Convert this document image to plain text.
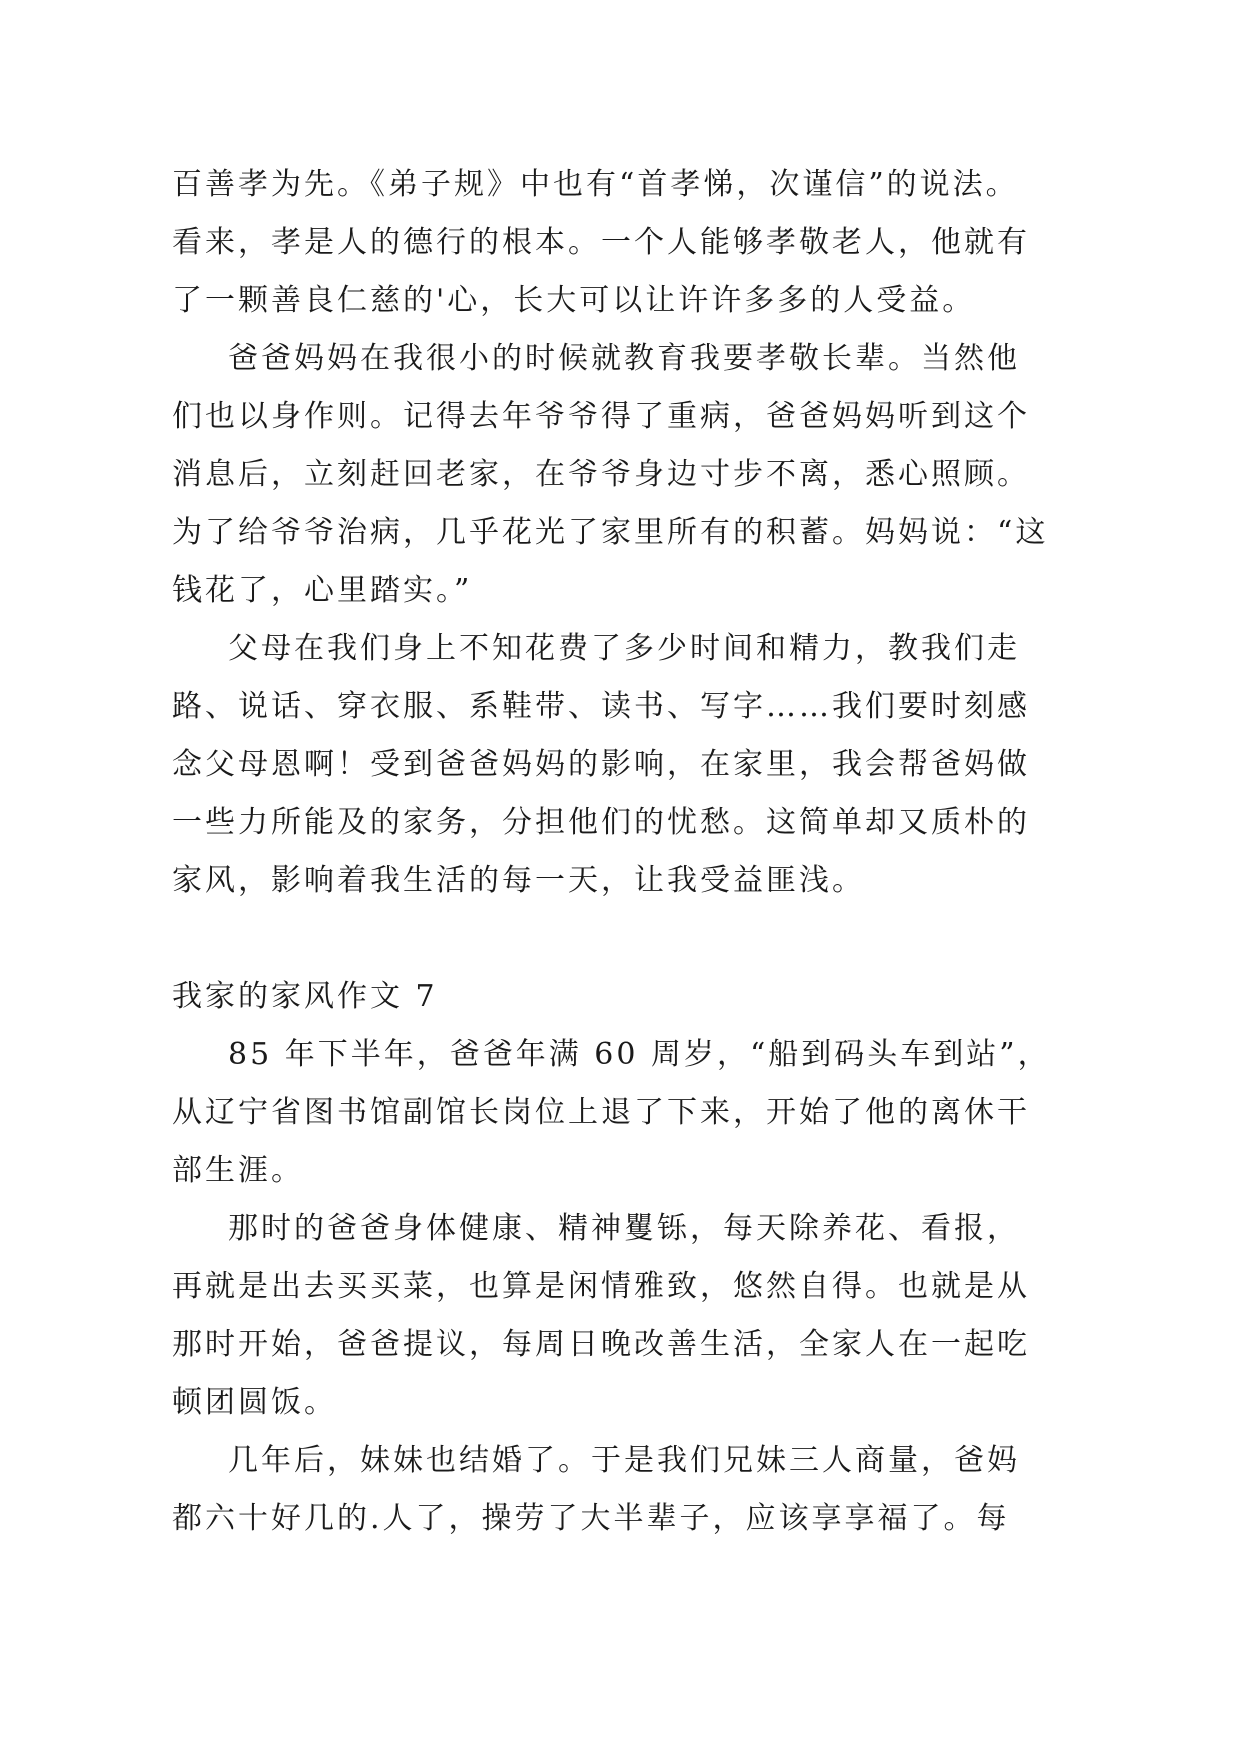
百善孝为先。《弟子规》中也有“首孝悌，次谨信”的说法。
看来，孝是人的德行的根本。一个人能够孝敬老人，他就有
了一颗善良仁慈的'心，长大可以让许许多多的人受益。
爸爸妈妈在我很小的时候就教育我要孝敬长辈。当然他
们也以身作则。记得去年爷爷得了重病，爸爸妈妈听到这个
消息后，立刻赶回老家，在爷爷身边寸步不离，悉心照顾。
为了给爷爷治病，几乎花光了家里所有的积蓄。妈妈说：“这
钱花了，心里踏实。”
父母在我们身上不知花费了多少时间和精力，教我们走
路、说话、穿衣服、系鞋带、读书、写字……我们要时刻感
念父母恩啊！受到爸爸妈妈的影响，在家里，我会帮爸妈做
一些力所能及的家务，分担他们的忧愁。这简单却又质朴的
家风，影响着我生活的每一天，让我受益匪浅。
我家的家风作文 7
85 年下半年，爸爸年满 60 周岁，“船到码头车到站”，
从辽宁省图书馆副馆长岗位上退了下来，开始了他的离休干
部生涯。
那时的爸爸身体健康、精神矍铄，每天除养花、看报，
再就是出去买买菜，也算是闲情雅致，悠然自得。也就是从
那时开始，爸爸提议，每周日晚改善生活，全家人在一起吃
顿团圆饭。
几年后，妹妹也结婚了。于是我们兄妹三人商量，爸妈
都六十好几的.人了，操劳了大半辈子，应该享享福了。每
